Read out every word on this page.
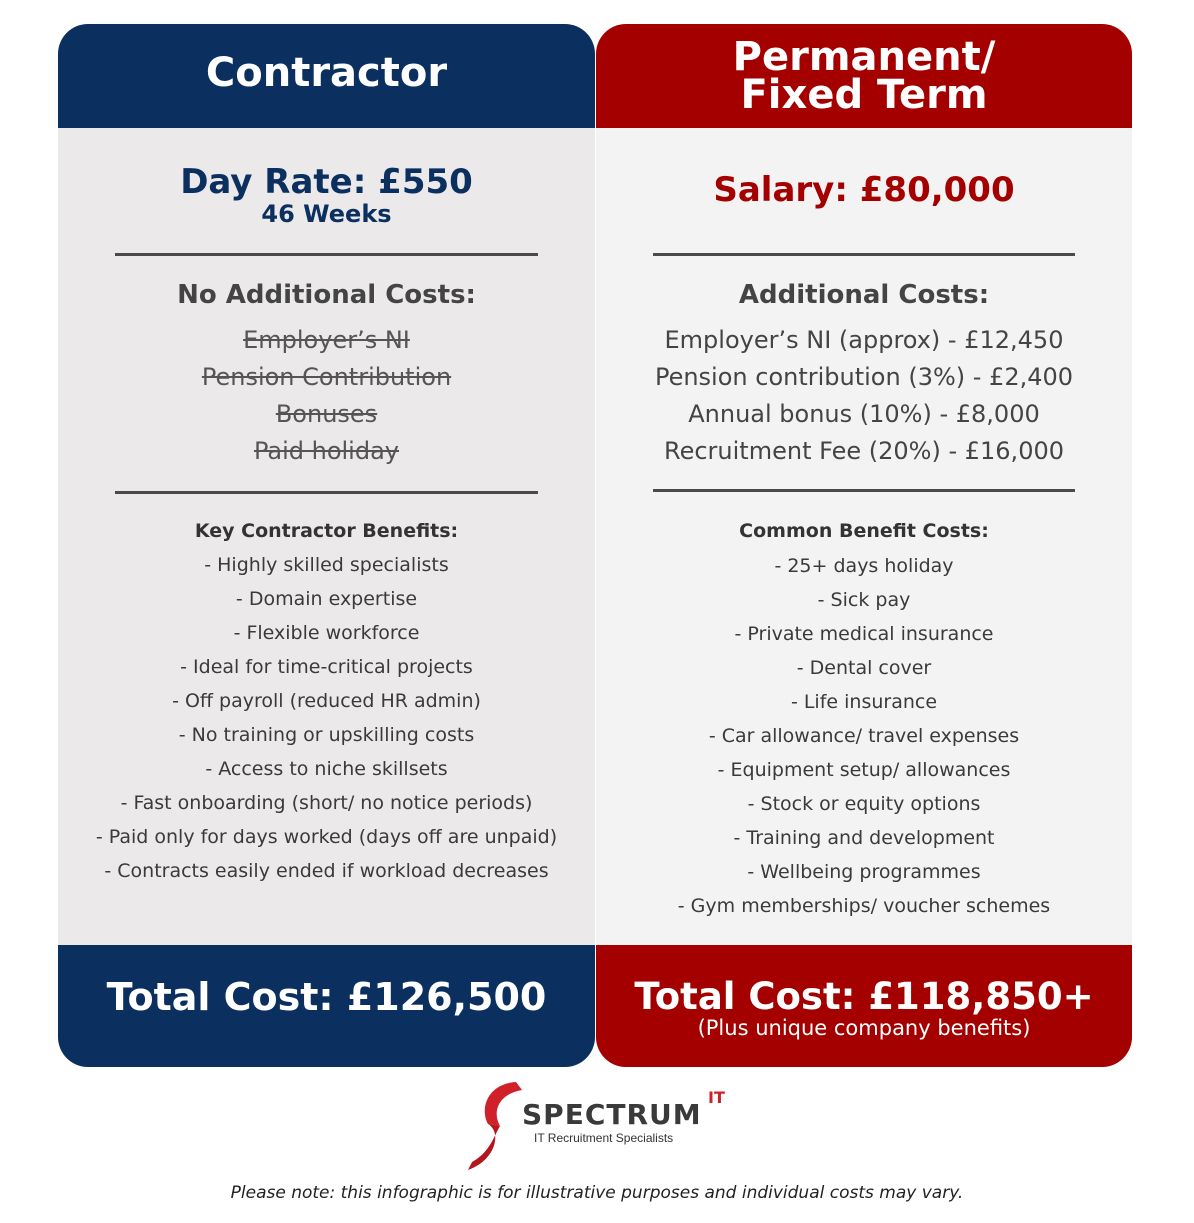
Contractor
Day Rate: £550
46 Weeks
No Additional Costs:
Employer’s NI
Pension Contribution
Bonuses
Paid holiday
Key Contractor Benefits:
- Highly skilled specialists
- Domain expertise
- Flexible workforce
- Ideal for time-critical projects
- Off payroll (reduced HR admin)
- No training or upskilling costs
- Access to niche skillsets
- Fast onboarding (short/ no notice periods)
- Paid only for days worked (days off are unpaid)
- Contracts easily ended if workload decreases
Total Cost: £126,500
Permanent/
Fixed Term
Salary: £80,000
Additional Costs:
Employer’s NI (approx) - £12,450
Pension contribution (3%) - £2,400
Annual bonus (10%) - £8,000
Recruitment Fee (20%) - £16,000
Common Benefit Costs:
- 25+ days holiday
- Sick pay
- Private medical insurance
- Dental cover
- Life insurance
- Car allowance/ travel expenses
- Equipment setup/ allowances
- Stock or equity options
- Training and development
- Wellbeing programmes
- Gym memberships/ voucher schemes
Total Cost: £118,850+
(Plus unique company benefits)
SPECTRUM
IT
IT Recruitment Specialists
Please note: this infographic is for illustrative purposes and individual costs may vary.
